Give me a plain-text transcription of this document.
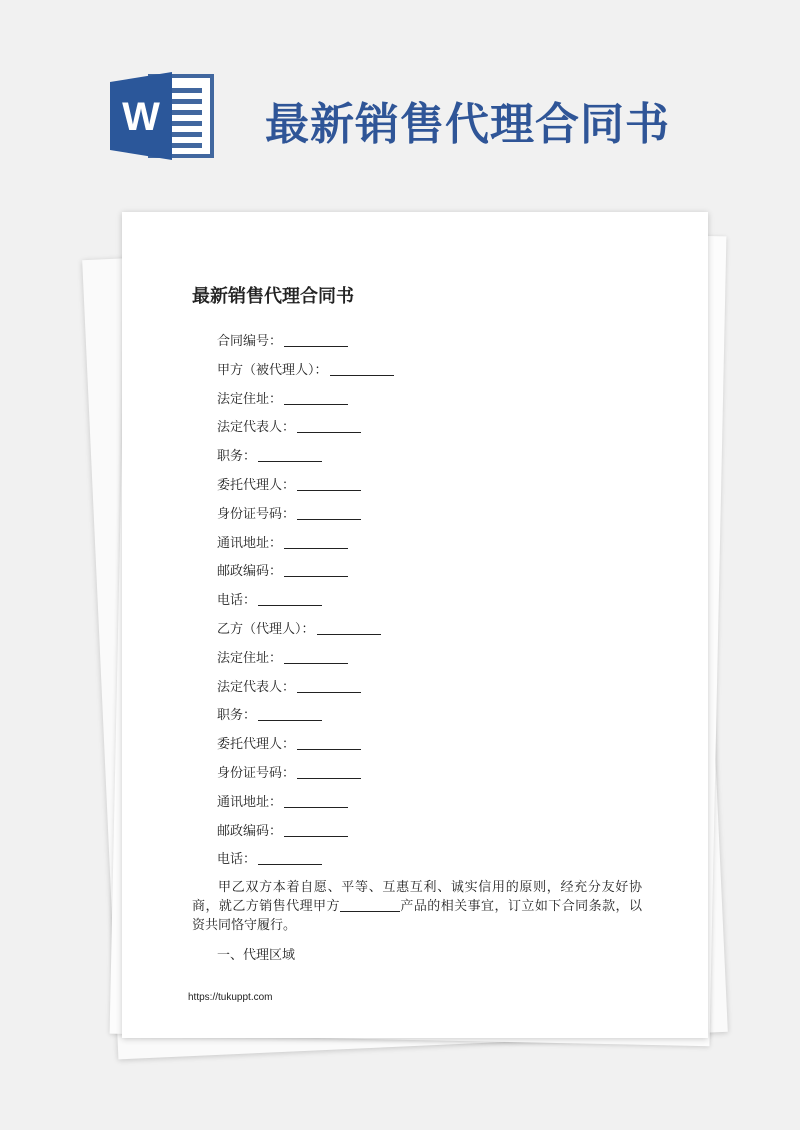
W 最新销售代理合同书
最新销售代理合同书
合同编号：
甲方（被代理人）：
法定住址：
法定代表人：
职务：
委托代理人：
身份证号码：
通讯地址：
邮政编码：
电话：
乙方（代理人）：
法定住址：
法定代表人：
职务：
委托代理人：
身份证号码：
通讯地址：
邮政编码：
电话：

甲乙双方本着自愿、平等、互惠互利、诚实信用的原则，经充分友好协商，就乙方销售代理甲方	产品的相关事宜，订立如下合同条款，以资共同恪守履行。

一、代理区域
https://tukuppt.com
